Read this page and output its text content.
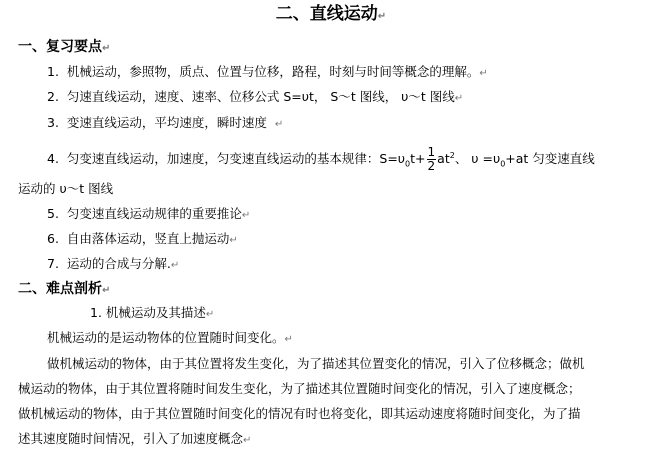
二、直线运动↵
一、复习要点↵
1. 机械运动，参照物，质点、位置与位移，路程，时刻与时间等概念的理解。↵
2. 匀速直线运动，速度、速率、位移公式 S=υt， S〜t 图线， υ〜t 图线↵
3. 变速直线运动，平均速度，瞬时速度 ↵
4. 匀变速直线运动，加速度，匀变速直线运动的基本规律：$S=\upsilon_0t+ \frac{1}{2} at^2$、 $\upsilon =\upsilon_0+at$ 匀变速直线
运动的 υ〜t 图线
5. 匀变速直线运动规律的重要推论↵
6. 自由落体运动，竖直上抛运动↵
7. 运动的合成与分解.↵
二、难点剖析↵
1. 机械运动及其描述↵
机械运动的是运动物体的位置随时间变化。↵
做机械运动的物体，由于其位置将发生变化，为了描述其位置变化的情况，引入了位移概念；做机
械运动的物体，由于其位置将随时间发生变化，为了描述其位置随时间变化的情况，引入了速度概念；
做机械运动的物体，由于其位置随时间变化的情况有时也将变化，即其运动速度将随时间变化，为了描
述其速度随时间情况，引入了加速度概念↵
